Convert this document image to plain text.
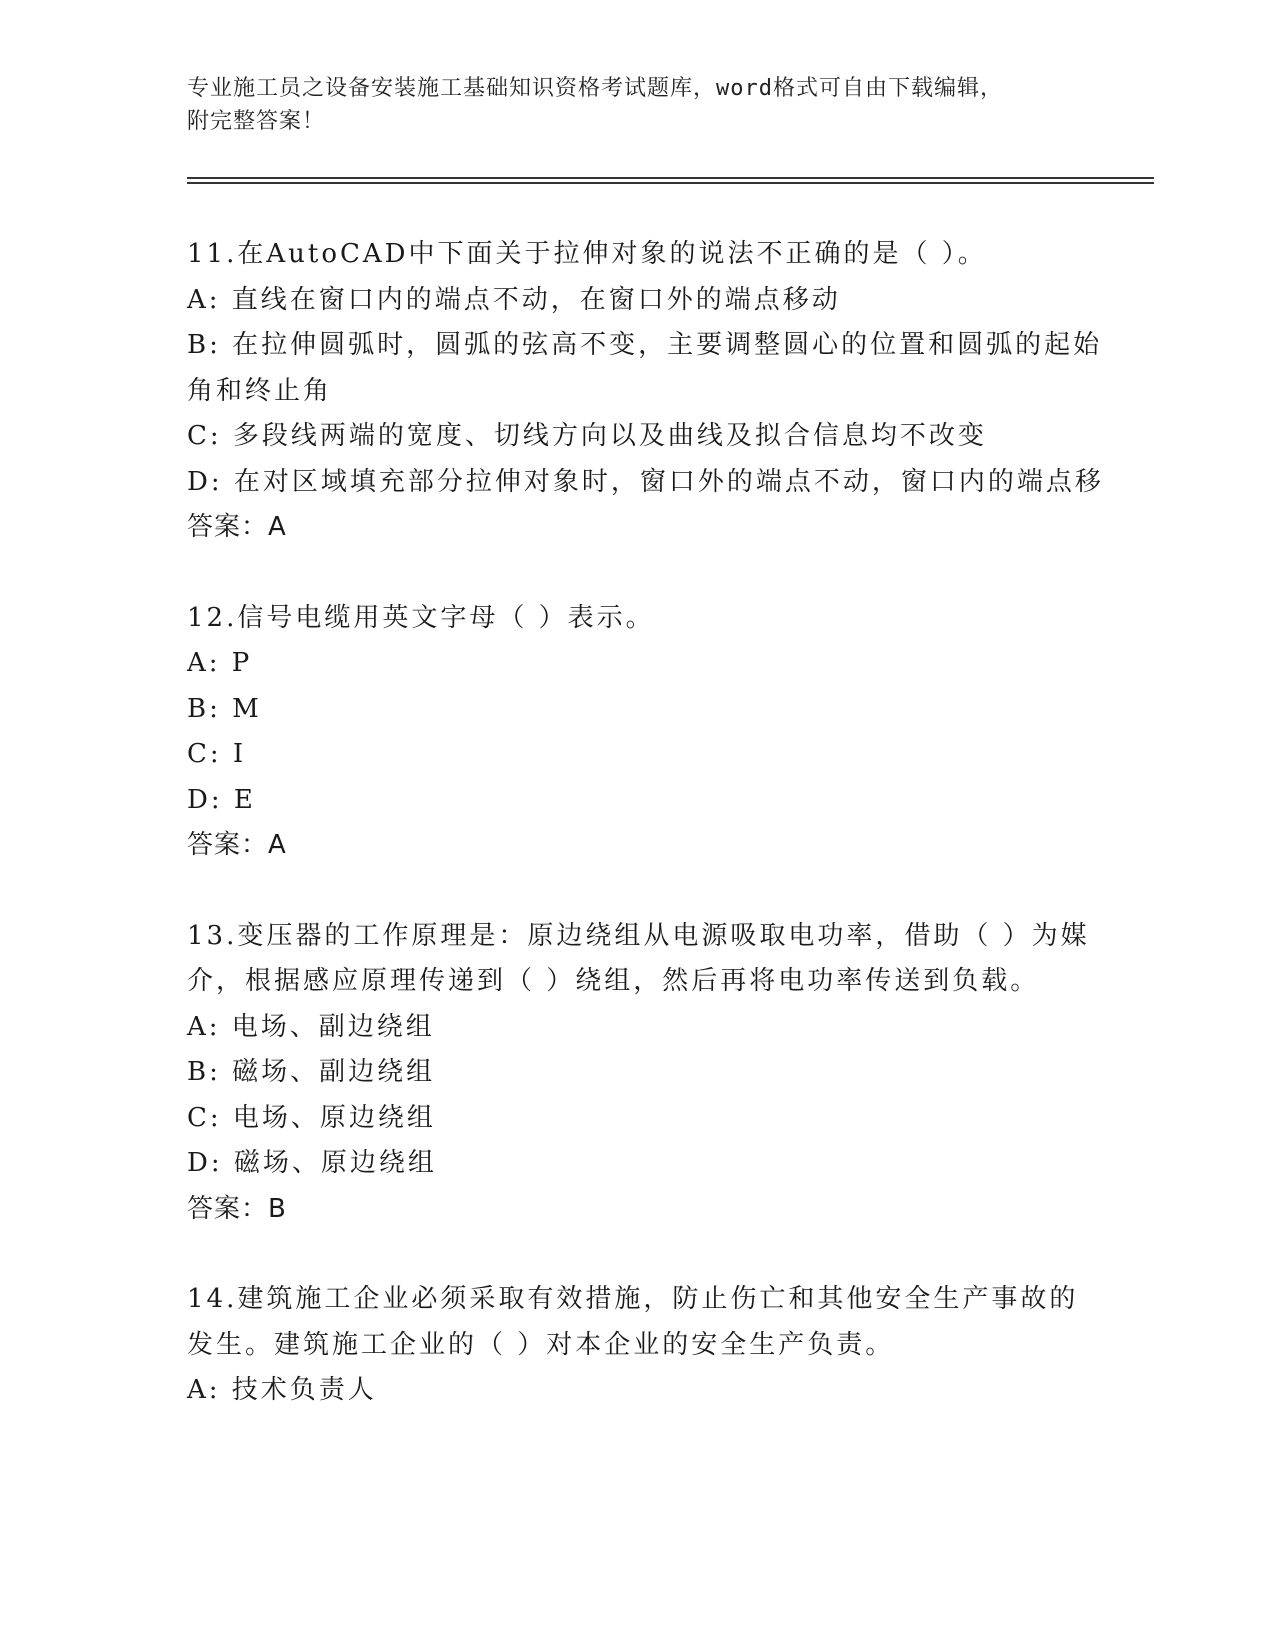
专业施工员之设备安装施工基础知识资格考试题库，word格式可自由下载编辑，
附完整答案！
11.在AutoCAD中下面关于拉伸对象的说法不正确的是（ ）。
A: 直线在窗口内的端点不动，在窗口外的端点移动
B: 在拉伸圆弧时，圆弧的弦高不变，主要调整圆心的位置和圆弧的起始角和终止角
C: 多段线两端的宽度、切线方向以及曲线及拟合信息均不改变
D: 在对区域填充部分拉伸对象时，窗口外的端点不动，窗口内的端点移
答案：A
12.信号电缆用英文字母（ ）表示。
A: P
B: M
C: I
D: E
答案：A
13.变压器的工作原理是：原边绕组从电源吸取电功率，借助（ ）为媒介，根据感应原理传递到（ ）绕组，然后再将电功率传送到负载。
A: 电场、副边绕组
B: 磁场、副边绕组
C: 电场、原边绕组
D: 磁场、原边绕组
答案：B
14.建筑施工企业必须采取有效措施，防止伤亡和其他安全生产事故的发生。建筑施工企业的（ ）对本企业的安全生产负责。
A: 技术负责人
